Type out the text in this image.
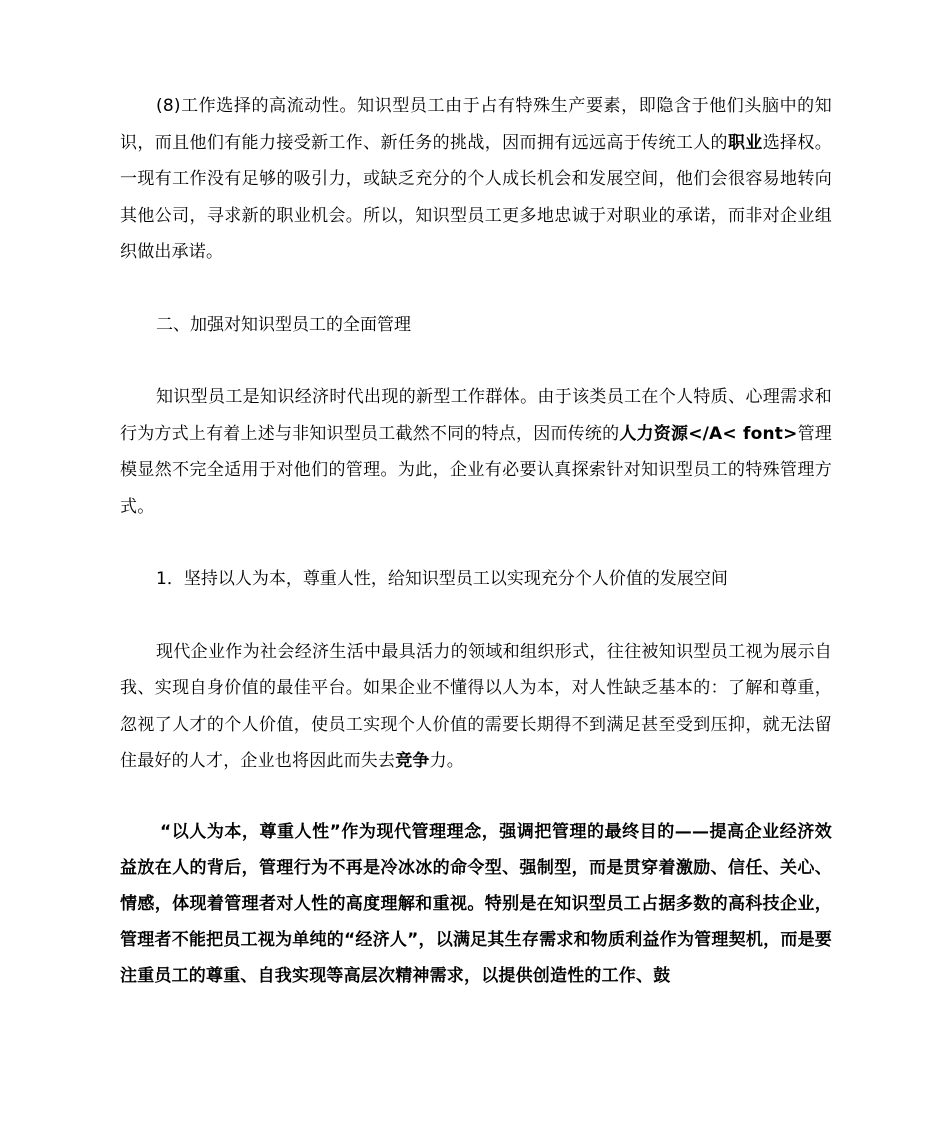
(8)工作选择的高流动性。知识型员工由于占有特殊生产要素，即隐含于他们头脑中的知识，而且他们有能力接受新工作、新任务的挑战，因而拥有远远高于传统工人的职业选择权。一现有工作没有足够的吸引力，或缺乏充分的个人成长机会和发展空间，他们会很容易地转向其他公司，寻求新的职业机会。所以，知识型员工更多地忠诚于对职业的承诺，而非对企业组织做出承诺。

二、加强对知识型员工的全面管理

知识型员工是知识经济时代出现的新型工作群体。由于该类员工在个人特质、心理需求和行为方式上有着上述与非知识型员工截然不同的特点，因而传统的人力资源</A< font>管理模显然不完全适用于对他们的管理。为此，企业有必要认真探索针对知识型员工的特殊管理方式。

1．坚持以人为本，尊重人性，给知识型员工以实现充分个人价值的发展空间

现代企业作为社会经济生活中最具活力的领域和组织形式，往往被知识型员工视为展示自我、实现自身价值的最佳平台。如果企业不懂得以人为本，对人性缺乏基本的：了解和尊重，忽视了人才的个人价值，使员工实现个人价值的需要长期得不到满足甚至受到压抑，就无法留住最好的人才，企业也将因此而失去竞争力。

“以人为本，尊重人性”作为现代管理理念，强调把管理的最终目的——提高企业经济效益放在人的背后，管理行为不再是冷冰冰的命令型、强制型，而是贯穿着激励、信任、关心、情感，体现着管理者对人性的高度理解和重视。特别是在知识型员工占据多数的高科技企业，管理者不能把员工视为单纯的“经济人”，以满足其生存需求和物质利益作为管理契机，而是要注重员工的尊重、自我实现等高层次精神需求，以提供创造性的工作、鼓
